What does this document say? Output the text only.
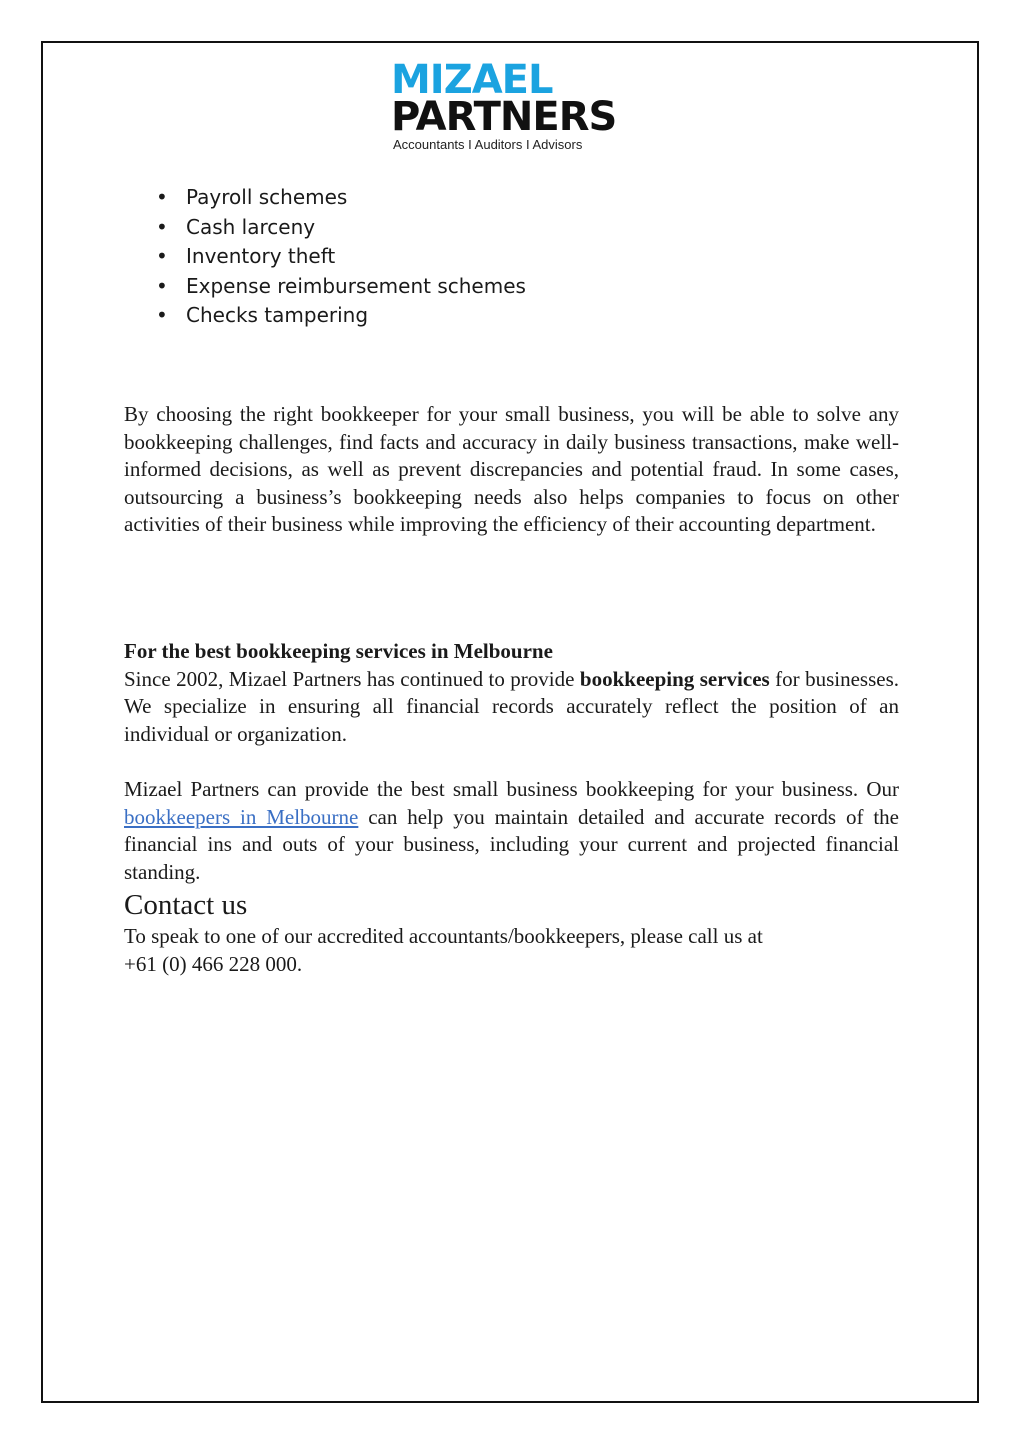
MIZAEL

PARTNERS

Accountants I Auditors I Advisors

• Payroll schemes
• Cash larceny
• Inventory theft
• Expense reimbursement schemes
• Checks tampering

By choosing the right bookkeeper for your small business, you will be able to solve any bookkeeping challenges, find facts and accuracy in daily business transactions, make well-informed decisions, as well as prevent discrepancies and potential fraud. In some cases, outsourcing a business’s bookkeeping needs also helps companies to focus on other activities of their business while improving the efficiency of their accounting department.

For the best bookkeeping services in Melbourne
Since 2002, Mizael Partners has continued to provide bookkeeping services for businesses. We specialize in ensuring all financial records accurately reflect the position of an individual or organization.

Mizael Partners can provide the best small business bookkeeping for your business. Our bookkeepers in Melbourne can help you maintain detailed and accurate records of the financial ins and outs of your business, including your current and projected financial standing.

Contact us

To speak to one of our accredited accountants/bookkeepers, please call us at
+61 (0) 466 228 000.
